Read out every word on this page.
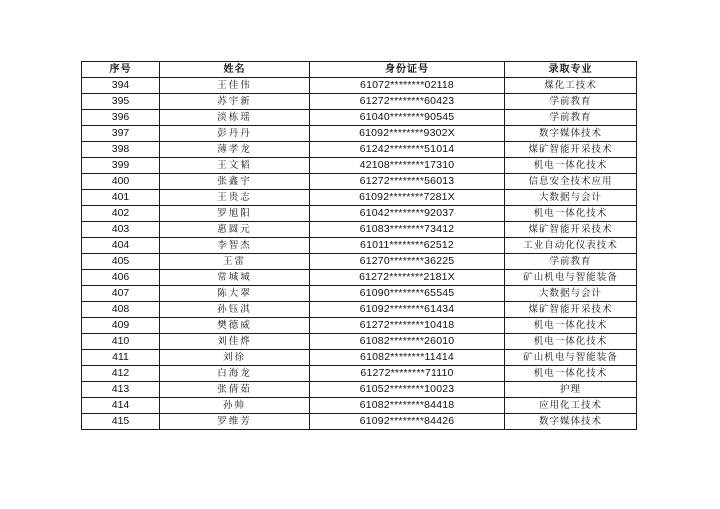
序号	姓名	身份证号	录取专业
394	王佳伟	61072********02118	煤化工技术
395	苏宇新	61272********60423	学前教育
396	淡栋瑶	61040********90545	学前教育
397	彭丹丹	61092********9302X	数字媒体技术
398	薄孝龙	61242********51014	煤矿智能开采技术
399	王文韬	42108********17310	机电一体化技术
400	张鑫宇	61272********56013	信息安全技术应用
401	王贵志	61092********7281X	大数据与会计
402	罗旭阳	61042********92037	机电一体化技术
403	惠圆元	61083********73412	煤矿智能开采技术
404	李智杰	61011********62512	工业自动化仪表技术
405	王雷	61270********36225	学前教育
406	常城城	61272********2181X	矿山机电与智能装备
407	陈大翠	61090********65545	大数据与会计
408	孙钰淇	61092********61434	煤矿智能开采技术
409	樊德威	61272********10418	机电一体化技术
410	刘佳烨	61082********26010	机电一体化技术
411	刘徐	61082********11414	矿山机电与智能装备
412	白海龙	61272********71110	机电一体化技术
413	张倩茹	61052********10023	护理
414	孙帅	61082********84418	应用化工技术
415	罗维芳	61092********84426	数字媒体技术
